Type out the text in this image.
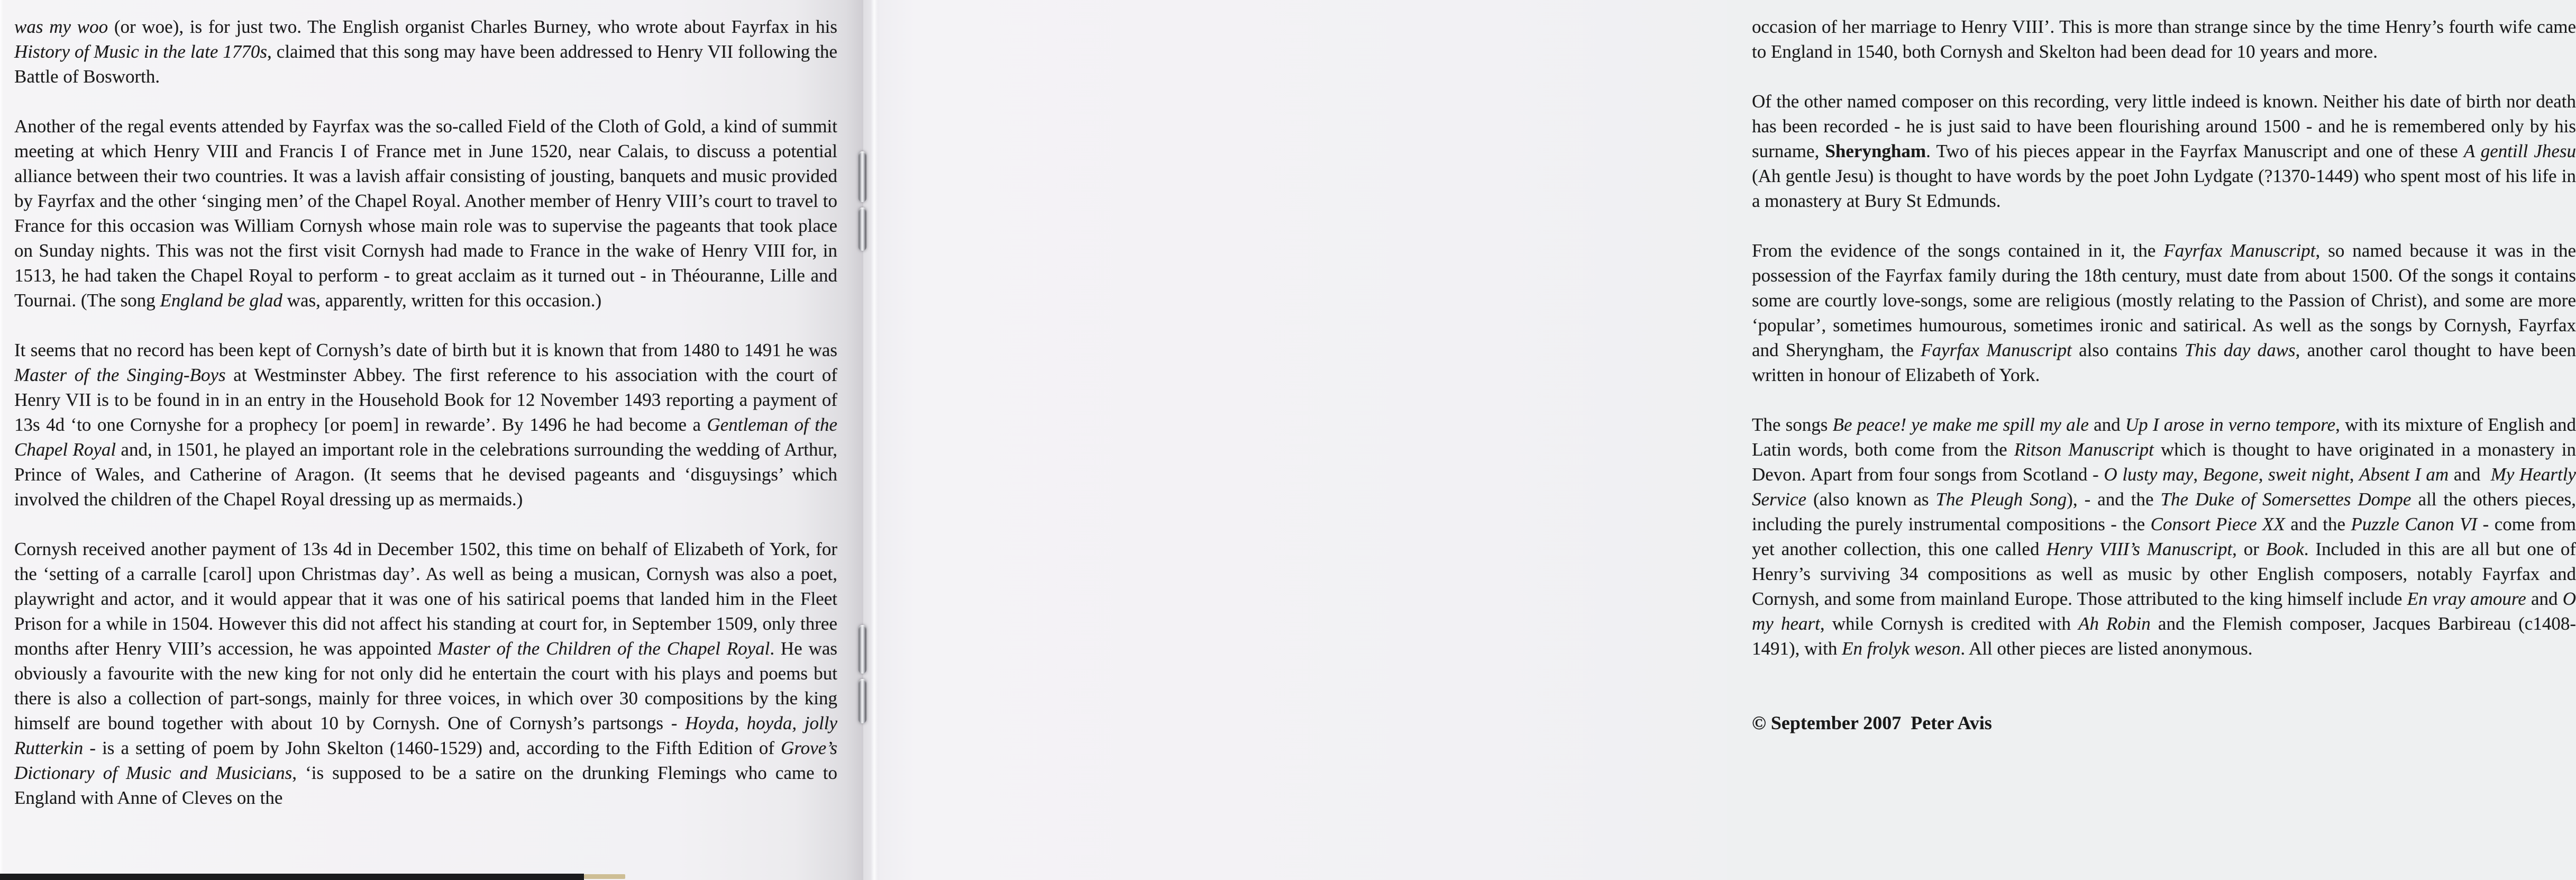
was my woo (or woe), is for just two. The English organist Charles Burney, who wrote about Fayrfax in his History of Music in the late 1770s, claimed that this song may have been addressed to Henry VII following the Battle of Bosworth.

Another of the regal events attended by Fayrfax was the so-called Field of the Cloth of Gold, a kind of summit meeting at which Henry VIII and Francis I of France met in June 1520, near Calais, to discuss a potential alliance between their two countries. It was a lavish affair consisting of jousting, banquets and music provided by Fayrfax and the other ‘singing men’ of the Chapel Royal. Another member of Henry VIII’s court to travel to France for this occasion was William Cornysh whose main role was to supervise the pageants that took place on Sunday nights. This was not the first visit Cornysh had made to France in the wake of Henry VIII for, in 1513, he had taken the Chapel Royal to perform - to great acclaim as it turned out - in Théouranne, Lille and Tournai. (The song England be glad was, apparently, written for this occasion.)

It seems that no record has been kept of Cornysh’s date of birth but it is known that from 1480 to 1491 he was Master of the Singing-Boys at Westminster Abbey. The first reference to his association with the court of Henry VII is to be found in in an entry in the Household Book for 12 November 1493 reporting a payment of 13s 4d ‘to one Cornyshe for a prophecy [or poem] in rewarde’. By 1496 he had become a Gentleman of the Chapel Royal and, in 1501, he played an important role in the celebrations surrounding the wedding of Arthur, Prince of Wales, and Catherine of Aragon. (It seems that he devised pageants and ‘disguysings’ which involved the children of the Chapel Royal dressing up as mermaids.)

Cornysh received another payment of 13s 4d in December 1502, this time on behalf of Elizabeth of York, for the ‘setting of a carralle [carol] upon Christmas day’. As well as being a musican, Cornysh was also a poet, playwright and actor, and it would appear that it was one of his satirical poems that landed him in the Fleet Prison for a while in 1504. However this did not affect his standing at court for, in September 1509, only three months after Henry VIII’s accession, he was appointed Master of the Children of the Chapel Royal. He was obviously a favourite with the new king for not only did he entertain the court with his plays and poems but there is also a collection of part-songs, mainly for three voices, in which over 30 compositions by the king himself are bound together with about 10 by Cornysh. One of Cornysh’s partsongs - Hoyda, hoyda, jolly Rutterkin - is a setting of poem by John Skelton (1460-1529) and, according to the Fifth Edition of Grove’s Dictionary of Music and Musicians, ‘is supposed to be a satire on the drunking Flemings who came to England with Anne of Cleves on the

occasion of her marriage to Henry VIII’. This is more than strange since by the time Henry’s fourth wife came to England in 1540, both Cornysh and Skelton had been dead for 10 years and more.

Of the other named composer on this recording, very little indeed is known. Neither his date of birth nor death has been recorded - he is just said to have been flourishing around 1500 - and he is remembered only by his surname, Sheryngham. Two of his pieces appear in the Fayrfax Manuscript and one of these A gentill Jhesu (Ah gentle Jesu) is thought to have words by the poet John Lydgate (?1370-1449) who spent most of his life in a monastery at Bury St Edmunds.

From the evidence of the songs contained in it, the Fayrfax Manuscript, so named because it was in the possession of the Fayrfax family during the 18th century, must date from about 1500. Of the songs it contains some are courtly love-songs, some are religious (mostly relating to the Passion of Christ), and some are more ‘popular’, sometimes humourous, sometimes ironic and satirical. As well as the songs by Cornysh, Fayrfax and Sheryngham, the Fayrfax Manuscript also contains This day daws, another carol thought to have been written in honour of Elizabeth of York.

The songs Be peace! ye make me spill my ale and Up I arose in verno tempore, with its mixture of English and Latin words, both come from the Ritson Manuscript which is thought to have originated in a monastery in Devon. Apart from four songs from Scotland - O lusty may, Begone, sweit night, Absent I am and  My Heartly Service (also known as The Pleugh Song), - and the The Duke of Somersettes Dompe all the others pieces, including the purely instrumental compositions - the Consort Piece XX and the Puzzle Canon VI - come from yet another collection, this one called Henry VIII’s Manuscript, or Book. Included in this are all but one of Henry’s surviving 34 compositions as well as music by other English composers, notably Fayrfax and Cornysh, and some from mainland Europe. Those attributed to the king himself include En vray amoure and O my heart, while Cornysh is credited with Ah Robin and the Flemish composer, Jacques Barbireau (c1408-1491), with En frolyk weson. All other pieces are listed anonymous.

© September 2007  Peter Avis
